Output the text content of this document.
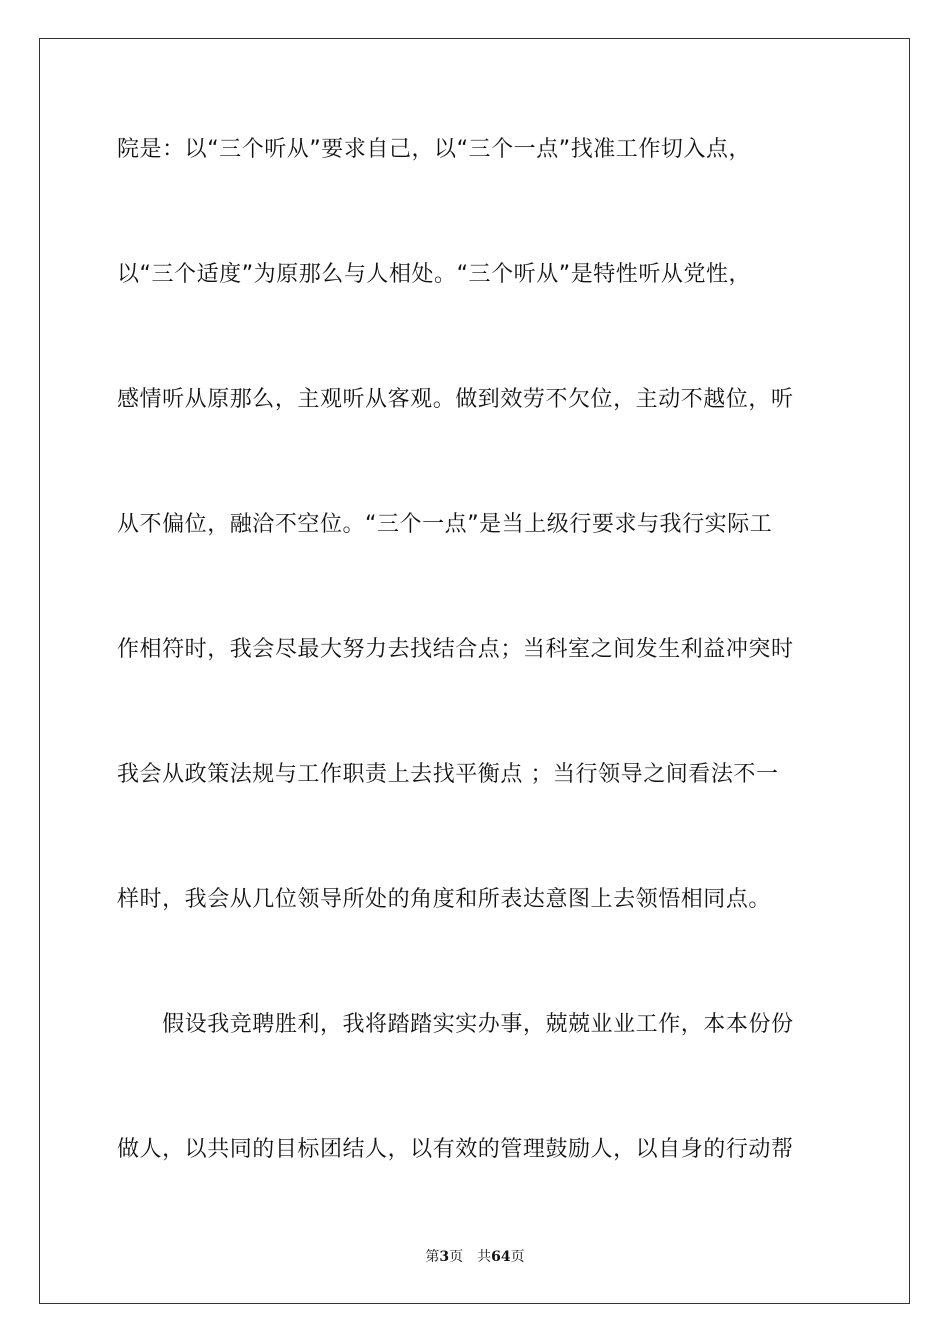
院是：以“三个听从”要求自己，以“三个一点”找准工作切入点，
以“三个适度”为原那么与人相处。“三个听从”是特性听从党性，
感情听从原那么，主观听从客观。做到效劳不欠位，主动不越位，听
从不偏位，融洽不空位。“三个一点”是当上级行要求与我行实际工
作相符时，我会尽最大努力去找结合点；当科室之间发生利益冲突时
我会从政策法规与工作职责上去找平衡点 ；当行领导之间看法不一
样时，我会从几位领导所处的角度和所表达意图上去领悟相同点。
　　假设我竞聘胜利，我将踏踏实实办事，兢兢业业工作，本本份份
做人，以共同的目标团结人，以有效的管理鼓励人，以自身的行动帮
第3页 共64页
